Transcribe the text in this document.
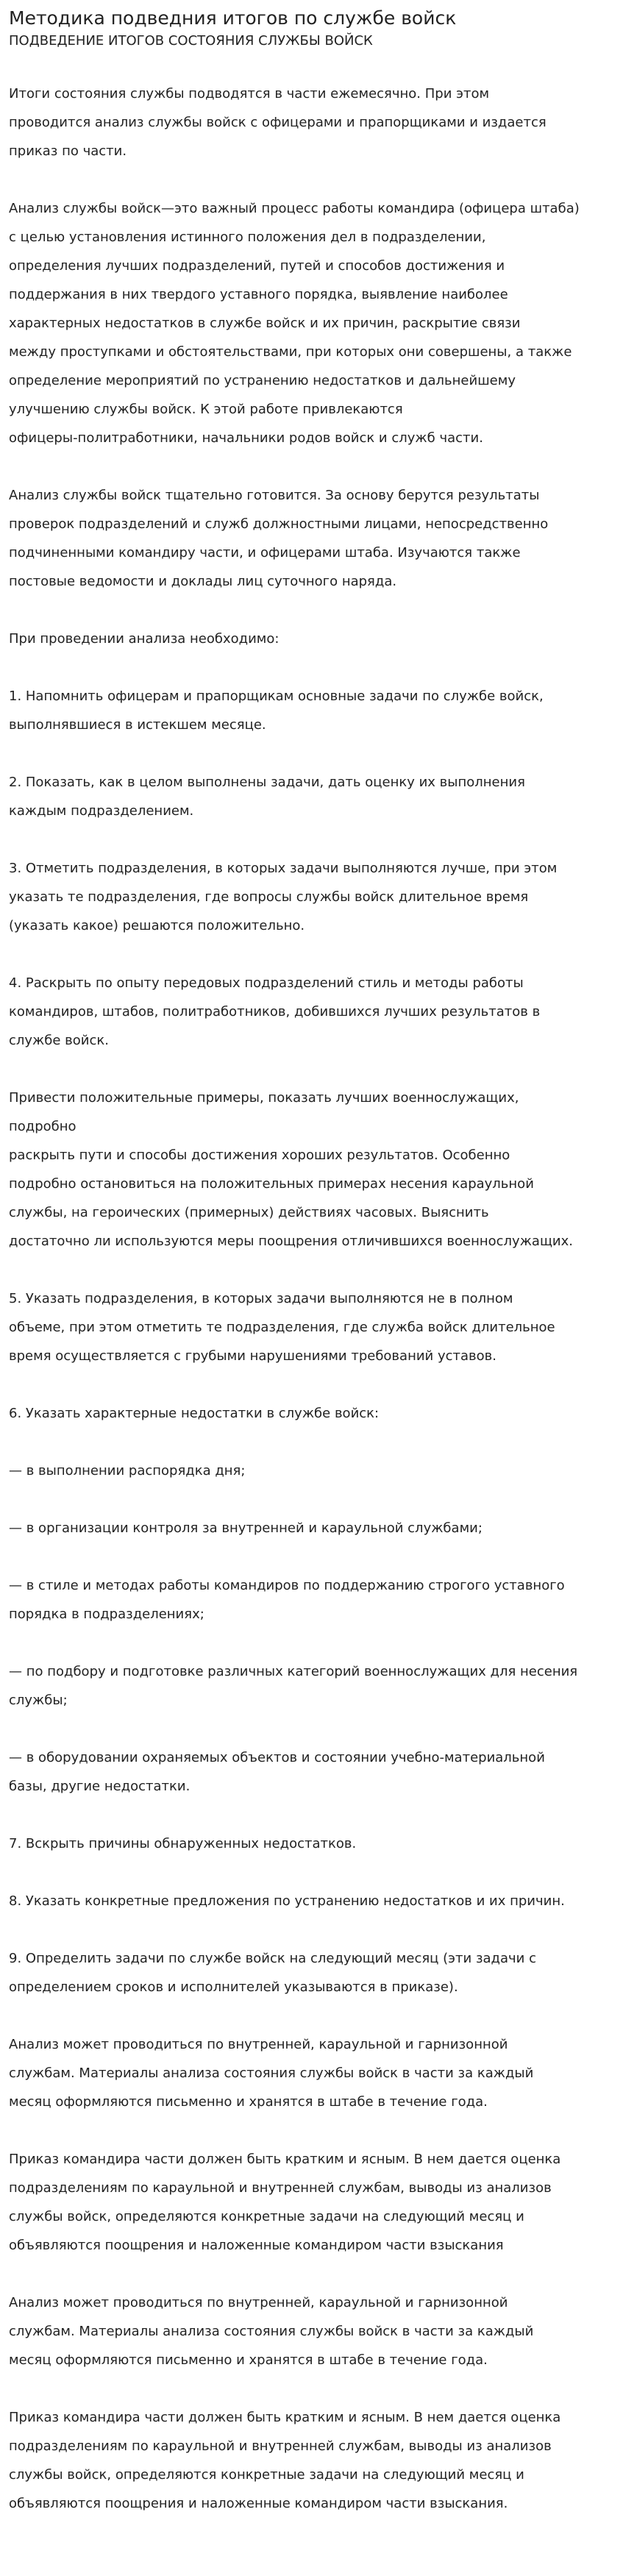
Методика подведния итогов по службе войск
ПОДВЕДЕНИЕ ИТОГОВ СОСТОЯНИЯ СЛУЖБЫ ВОЙСК

Итоги состояния службы подводятся в части ежемесячно. При этом
проводится анализ службы войск с офицерами и прапорщиками и издается
приказ по части.

Анализ службы войск—это важный процесс работы командира (офицера штаба)
с целью установления истинного положения дел в подразделении,
определения лучших подразделений, путей и способов достижения и
поддержания в них твердого уставного порядка, выявление наиболее
характерных недостатков в службе войск и их причин, раскрытие связи
между проступками и обстоятельствами, при которых они совершены, а также
определение мероприятий по устранению недостатков и дальнейшему
улучшению службы войск. К этой работе привлекаются
офицеры-политработники, начальники родов войск и служб части.

Анализ службы войск тщательно готовится. За основу берутся результаты
проверок подразделений и служб должностными лицами, непосредственно
подчиненными командиру части, и офицерами штаба. Изучаются также
постовые ведомости и доклады лиц суточного наряда.

При проведении анализа необходимо:

1. Напомнить офицерам и прапорщикам основные задачи по службе войск,
выполнявшиеся в истекшем месяце.

2. Показать, как в целом выполнены задачи, дать оценку их выполнения
каждым подразделением.

3. Отметить подразделения, в которых задачи выполняются лучше, при этом
указать те подразделения, где вопросы службы войск длительное время
(указать какое) решаются положительно.

4. Раскрыть по опыту передовых подразделений стиль и методы работы
командиров, штабов, политработников, добившихся лучших результатов в
службе войск.

Привести положительные примеры, показать лучших военнослужащих,
подробно
раскрыть пути и способы достижения хороших результатов. Особенно
подробно остановиться на положительных примерах несения караульной
службы, на героических (примерных) действиях часовых. Выяснить
достаточно ли используются меры поощрения отличившихся военнослужащих.

5. Указать подразделения, в которых задачи выполняются не в полном
объеме, при этом отметить те подразделения, где служба войск длительное
время осуществляется с грубыми нарушениями требований уставов.

6. Указать характерные недостатки в службе войск:

— в выполнении распорядка дня;

— в организации контроля за внутренней и караульной службами;

— в стиле и методах работы командиров по поддержанию строгого уставного
порядка в подразделениях;

— по подбору и подготовке различных категорий военнослужащих для несения
службы;

— в оборудовании охраняемых объектов и состоянии учебно-материальной
базы, другие недостатки.

7. Вскрыть причины обнаруженных недостатков.

8. Указать конкретные предложения по устранению недостатков и их причин.

9. Определить задачи по службе войск на следующий месяц (эти задачи с
определением сроков и исполнителей указываются в приказе).

Анализ может проводиться по внутренней, караульной и гарнизонной
службам. Материалы анализа состояния службы войск в части за каждый
месяц оформляются письменно и хранятся в штабе в течение года.

Приказ командира части должен быть кратким и ясным. В нем дается оценка
подразделениям по караульной и внутренней службам, выводы из анализов
службы войск, определяются конкретные задачи на следующий месяц и
объявляются поощрения и наложенные командиром части взыскания

Анализ может проводиться по внутренней, караульной и гарнизонной
службам. Материалы анализа состояния службы войск в части за каждый
месяц оформляются письменно и хранятся в штабе в течение года.

Приказ командира части должен быть кратким и ясным. В нем дается оценка
подразделениям по караульной и внутренней службам, выводы из анализов
службы войск, определяются конкретные задачи на следующий месяц и
объявляются поощрения и наложенные командиром части взыскания.
